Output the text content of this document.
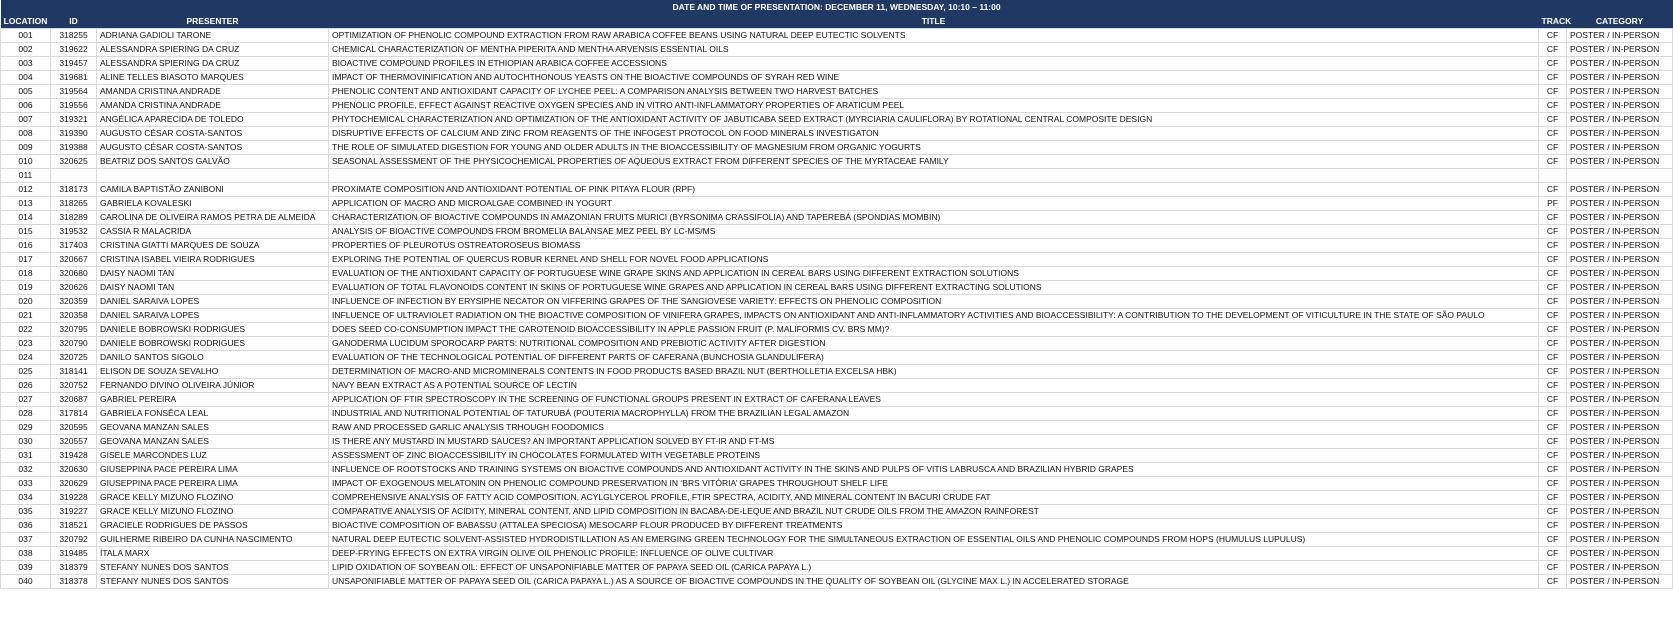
DATE AND TIME OF PRESENTATION: DECEMBER 11, WEDNESDAY, 10:10 – 11:00					
LOCATION	ID	PRESENTER	TITLE	TRACK	CATEGORY
001	318255	ADRIANA GADIOLI TARONE	OPTIMIZATION OF PHENOLIC COMPOUND EXTRACTION FROM RAW ARABICA COFFEE BEANS USING NATURAL DEEP EUTECTIC SOLVENTS	CF	POSTER / IN-PERSON
002	319622	ALESSANDRA SPIERING DA CRUZ	CHEMICAL CHARACTERIZATION OF MENTHA PIPERITA AND MENTHA ARVENSIS ESSENTIAL OILS	CF	POSTER / IN-PERSON
003	319457	ALESSANDRA SPIERING DA CRUZ	BIOACTIVE COMPOUND PROFILES IN ETHIOPIAN ARABICA COFFEE ACCESSIONS	CF	POSTER / IN-PERSON
004	319681	ALINE TELLES BIASOTO MARQUES	IMPACT OF THERMOVINIFICATION AND AUTOCHTHONOUS YEASTS ON THE BIOACTIVE COMPOUNDS OF SYRAH RED WINE	CF	POSTER / IN-PERSON
005	319564	AMANDA CRISTINA ANDRADE	PHENOLIC CONTENT AND ANTIOXIDANT CAPACITY OF LYCHEE PEEL: A COMPARISON ANALYSIS BETWEEN TWO HARVEST BATCHES	CF	POSTER / IN-PERSON
006	319556	AMANDA CRISTINA ANDRADE	PHENOLIC PROFILE, EFFECT AGAINST REACTIVE OXYGEN SPECIES AND IN VITRO ANTI-INFLAMMATORY PROPERTIES OF ARATICUM PEEL	CF	POSTER / IN-PERSON
007	319321	ANGÉLICA APARECIDA DE TOLEDO	PHYTOCHEMICAL CHARACTERIZATION AND OPTIMIZATION OF THE ANTIOXIDANT ACTIVITY OF JABUTICABA SEED EXTRACT (MYRCIARIA CAULIFLORA) BY ROTATIONAL CENTRAL COMPOSITE DESIGN	CF	POSTER / IN-PERSON
008	319390	AUGUSTO CÉSAR COSTA-SANTOS	DISRUPTIVE EFFECTS OF CALCIUM AND ZINC FROM REAGENTS OF THE INFOGEST PROTOCOL ON FOOD MINERALS INVESTIGATON	CF	POSTER / IN-PERSON
009	319388	AUGUSTO CÉSAR COSTA-SANTOS	THE ROLE OF SIMULATED DIGESTION FOR YOUNG AND OLDER ADULTS IN THE BIOACCESSIBILITY OF MAGNESIUM FROM ORGANIC YOGURTS	CF	POSTER / IN-PERSON
010	320625	BEATRIZ DOS SANTOS GALVÃO	SEASONAL ASSESSMENT OF THE PHYSICOCHEMICAL PROPERTIES OF AQUEOUS EXTRACT FROM DIFFERENT SPECIES OF THE MYRTACEAE FAMILY	CF	POSTER / IN-PERSON
011					
012	318173	CAMILA BAPTISTÃO ZANIBONI	PROXIMATE COMPOSITION AND ANTIOXIDANT POTENTIAL OF PINK PITAYA FLOUR (RPF)	CF	POSTER / IN-PERSON
013	318265	GABRIELA KOVALESKI	APPLICATION OF MACRO AND MICROALGAE COMBINED IN YOGURT	PF	POSTER / IN-PERSON
014	318289	CAROLINA DE OLIVEIRA RAMOS PETRA DE ALMEIDA	CHARACTERIZATION OF BIOACTIVE COMPOUNDS IN AMAZONIAN FRUITS MURICI (BYRSONIMA CRASSIFOLIA) AND TAPEREBÁ (SPONDIAS MOMBIN)	CF	POSTER / IN-PERSON
015	319532	CASSIA R MALACRIDA	ANALYSIS OF BIOACTIVE COMPOUNDS FROM BROMELIA BALANSAE MEZ PEEL BY LC-MS/MS	CF	POSTER / IN-PERSON
016	317403	CRISTINA GIATTI MARQUES DE SOUZA	PROPERTIES OF PLEUROTUS OSTREATOROSEUS BIOMASS	CF	POSTER / IN-PERSON
017	320667	CRISTINA ISABEL VIEIRA RODRIGUES	EXPLORING THE POTENTIAL OF QUERCUS ROBUR KERNEL AND SHELL FOR NOVEL FOOD APPLICATIONS	CF	POSTER / IN-PERSON
018	320680	DAISY NAOMI TAN	EVALUATION OF THE ANTIOXIDANT CAPACITY OF PORTUGUESE WINE GRAPE SKINS AND APPLICATION IN CEREAL BARS USING DIFFERENT EXTRACTION SOLUTIONS	CF	POSTER / IN-PERSON
019	320626	DAISY NAOMI TAN	EVALUATION OF TOTAL FLAVONOIDS CONTENT IN SKINS OF PORTUGUESE WINE GRAPES AND APPLICATION IN CEREAL BARS USING DIFFERENT EXTRACTING SOLUTIONS	CF	POSTER / IN-PERSON
020	320359	DANIEL SARAIVA LOPES	INFLUENCE OF INFECTION BY ERYSIPHE NECATOR ON VIFFERING GRAPES OF THE SANGIOVESE VARIETY: EFFECTS ON PHENOLIC COMPOSITION	CF	POSTER / IN-PERSON
021	320358	DANIEL SARAIVA LOPES	INFLUENCE OF ULTRAVIOLET RADIATION ON THE BIOACTIVE COMPOSITION OF VINIFERA GRAPES, IMPACTS ON ANTIOXIDANT AND ANTI-INFLAMMATORY ACTIVITIES AND BIOACCESSIBILITY: A CONTRIBUTION TO THE DEVELOPMENT OF VITICULTURE IN THE STATE OF SÃO PAULO	CF	POSTER / IN-PERSON
022	320795	DANIELE BOBROWSKI RODRIGUES	DOES SEED CO-CONSUMPTION IMPACT THE CAROTENOID BIOACCESSIBILITY IN APPLE PASSION FRUIT (P. MALIFORMIS CV. BRS MM)?	CF	POSTER / IN-PERSON
023	320790	DANIELE BOBROWSKI RODRIGUES	GANODERMA LUCIDUM SPOROCARP PARTS: NUTRITIONAL COMPOSITION AND PREBIOTIC ACTIVITY AFTER DIGESTION	CF	POSTER / IN-PERSON
024	320725	DANILO SANTOS SIGOLO	EVALUATION OF THE TECHNOLOGICAL POTENTIAL OF DIFFERENT PARTS OF CAFERANA (BUNCHOSIA GLANDULIFERA)	CF	POSTER / IN-PERSON
025	318141	ELISON DE SOUZA SEVALHO	DETERMINATION OF MACRO-AND MICROMINERALS CONTENTS IN FOOD PRODUCTS BASED BRAZIL NUT (BERTHOLLETIA EXCELSA HBK)	CF	POSTER / IN-PERSON
026	320752	FERNANDO DIVINO OLIVEIRA JÚNIOR	NAVY BEAN EXTRACT AS A POTENTIAL SOURCE OF LECTIN	CF	POSTER / IN-PERSON
027	320687	GABRIEL PEREIRA	APPLICATION OF FTIR SPECTROSCOPY IN THE SCREENING OF FUNCTIONAL GROUPS PRESENT IN EXTRACT OF CAFERANA LEAVES	CF	POSTER / IN-PERSON
028	317814	GABRIELA FONSÊCA LEAL	INDUSTRIAL AND NUTRITIONAL POTENTIAL OF TATURUBÁ (POUTERIA MACROPHYLLA) FROM THE BRAZILIAN LEGAL AMAZON	CF	POSTER / IN-PERSON
029	320595	GEOVANA MANZAN SALES	RAW AND PROCESSED GARLIC ANALYSIS TRHOUGH FOODOMICS	CF	POSTER / IN-PERSON
030	320557	GEOVANA MANZAN SALES	IS THERE ANY MUSTARD IN MUSTARD SAUCES? AN IMPORTANT APPLICATION SOLVED BY FT-IR AND FT-MS	CF	POSTER / IN-PERSON
031	319428	GISELE MARCONDES LUZ	ASSESSMENT OF ZINC BIOACCESSIBILITY IN CHOCOLATES FORMULATED WITH VEGETABLE PROTEINS	CF	POSTER / IN-PERSON
032	320630	GIUSEPPINA PACE PEREIRA LIMA	INFLUENCE OF ROOTSTOCKS AND TRAINING SYSTEMS ON BIOACTIVE COMPOUNDS AND ANTIOXIDANT ACTIVITY IN THE SKINS AND PULPS OF VITIS LABRUSCA AND BRAZILIAN HYBRID GRAPES	CF	POSTER / IN-PERSON
033	320629	GIUSEPPINA PACE PEREIRA LIMA	IMPACT OF EXOGENOUS MELATONIN ON PHENOLIC COMPOUND PRESERVATION IN ‘BRS VITÓRIA’ GRAPES THROUGHOUT SHELF LIFE	CF	POSTER / IN-PERSON
034	319228	GRACE KELLY MIZUNO FLOZINO	COMPREHENSIVE ANALYSIS OF FATTY ACID COMPOSITION, ACYLGLYCEROL PROFILE, FTIR SPECTRA, ACIDITY, AND MINERAL CONTENT IN BACURI CRUDE FAT	CF	POSTER / IN-PERSON
035	319227	GRACE KELLY MIZUNO FLOZINO	COMPARATIVE ANALYSIS OF ACIDITY, MINERAL CONTENT, AND LIPID COMPOSITION IN BACABA-DE-LEQUE AND BRAZIL NUT CRUDE OILS FROM THE AMAZON RAINFOREST	CF	POSTER / IN-PERSON
036	318521	GRACIELE RODRIGUES DE PASSOS	BIOACTIVE COMPOSITION OF BABASSU (ATTALEA SPECIOSA) MESOCARP FLOUR PRODUCED BY DIFFERENT TREATMENTS	CF	POSTER / IN-PERSON
037	320792	GUILHERME RIBEIRO DA CUNHA NASCIMENTO	NATURAL DEEP EUTECTIC SOLVENT-ASSISTED HYDRODISTILLATION AS AN EMERGING GREEN TECHNOLOGY FOR THE SIMULTANEOUS EXTRACTION OF ESSENTIAL OILS AND PHENOLIC COMPOUNDS FROM HOPS (HUMULUS LUPULUS)	CF	POSTER / IN-PERSON
038	319485	ÍTALA MARX	DEEP-FRYING EFFECTS ON EXTRA VIRGIN OLIVE OIL PHENOLIC PROFILE: INFLUENCE OF OLIVE CULTIVAR	CF	POSTER / IN-PERSON
039	318379	STEFANY NUNES DOS SANTOS	LIPID OXIDATION OF SOYBEAN OIL: EFFECT OF UNSAPONIFIABLE MATTER OF PAPAYA SEED OIL (CARICA PAPAYA L.)	CF	POSTER / IN-PERSON
040	318378	STEFANY NUNES DOS SANTOS	UNSAPONIFIABLE MATTER OF PAPAYA SEED OIL (CARICA PAPAYA L.) AS A SOURCE OF BIOACTIVE COMPOUNDS IN THE QUALITY OF SOYBEAN OIL (GLYCINE MAX L.) IN ACCELERATED STORAGE	CF	POSTER / IN-PERSON
